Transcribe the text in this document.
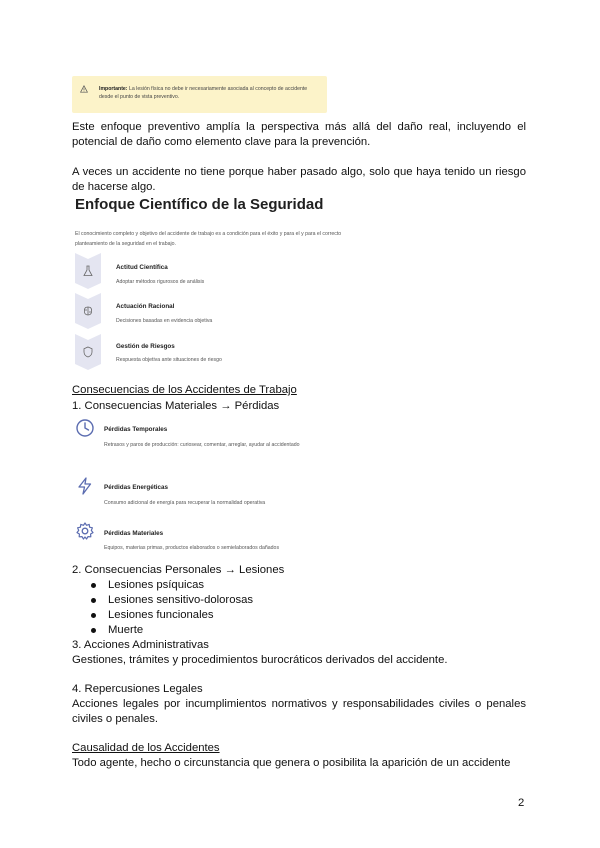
Importante: La lesión física no debe ir necesariamente asociada al concepto de accidente desde el punto de vista preventivo.
Este enfoque preventivo amplía la perspectiva más allá del daño real, incluyendo el potencial de daño como elemento clave para la prevención.
A veces un accidente no tiene porque haber pasado algo, solo que haya tenido un riesgo de hacerse algo.
Enfoque Científico de la Seguridad
El conocimiento completo y objetivo del accidente de trabajo es a condición para el éxito y para el y para el correcto planteamiento de la seguridad en el trabajo.
Actitud Científica
Adoptar métodos rigurosos de análisis
Actuación Racional
Decisiones basadas en evidencia objetiva
Gestión de Riesgos
Respuesta objetiva ante situaciones de riesgo
Consecuencias de los Accidentes de Trabajo
1. Consecuencias Materiales → Pérdidas
Pérdidas Temporales
Retrasos y paros de producción: curiosear, comentar, arreglar, ayudar al accidentado
Pérdidas Energéticas
Consumo adicional de energía para recuperar la normalidad operativa
Pérdidas Materiales
Equipos, materias primas, productos elaborados o semielaborados dañados
2. Consecuencias Personales → Lesiones
Lesiones psíquicas
Lesiones sensitivo-dolorosas
Lesiones funcionales
Muerte
3. Acciones Administrativas
Gestiones, trámites y procedimientos burocráticos derivados del accidente.
4. Repercusiones Legales
Acciones legales por incumplimientos normativos y responsabilidades civiles o penales civiles o penales.
Causalidad de los Accidentes
Todo agente, hecho o circunstancia que genera o posibilita la aparición de un accidente
2
